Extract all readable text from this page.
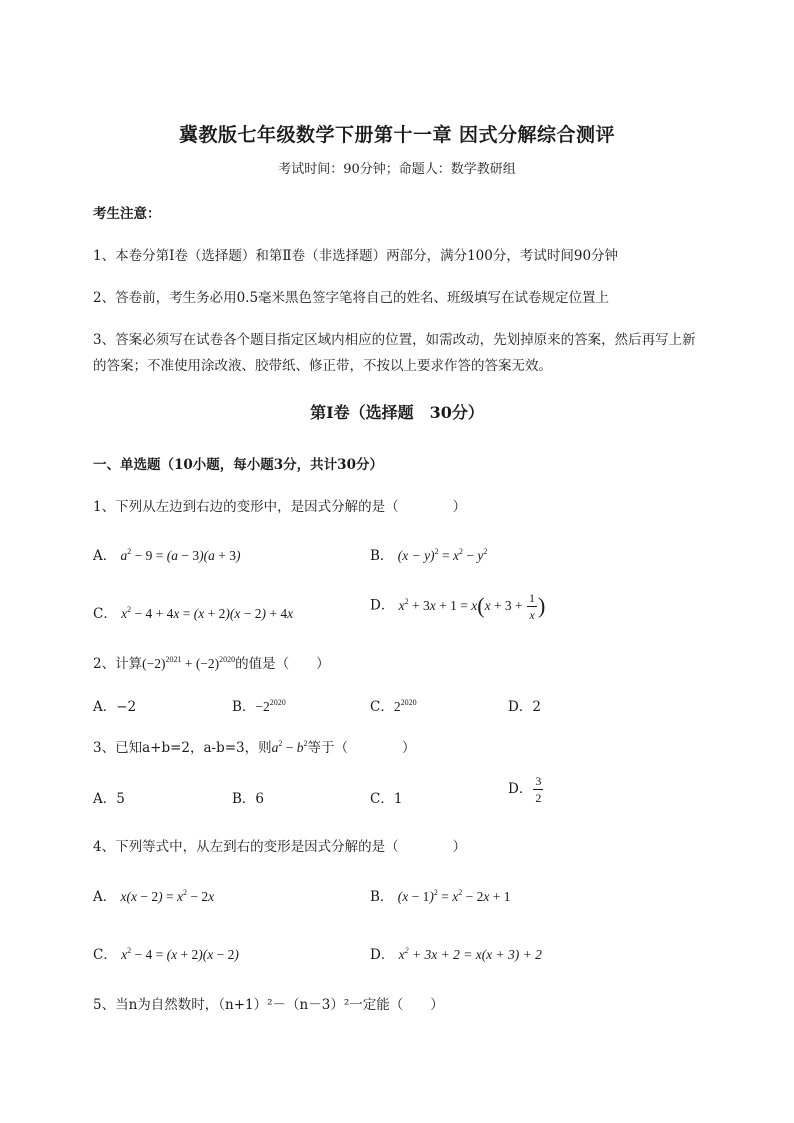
冀教版七年级数学下册第十一章 因式分解综合测评
考试时间：90分钟；命题人：数学教研组
考生注意：
1、本卷分第I卷（选择题）和第Ⅱ卷（非选择题）两部分，满分100分，考试时间90分钟
2、答卷前，考生务必用0.5毫米黑色签字笔将自己的姓名、班级填写在试卷规定位置上
3、答案必须写在试卷各个题目指定区域内相应的位置，如需改动，先划掉原来的答案，然后再写上新
的答案；不准使用涂改液、胶带纸、修正带，不按以上要求作答的答案无效。
第I卷（选择题　30分）
一、单选题（10小题，每小题3分，共计30分）
1、下列从左边到右边的变形中，是因式分解的是（　　　　）
A． $a^2 - 9 = (a - 3)(a + 3)$	B． $(x - y)^2 = x^2 - y^2$
C． $x^2 - 4 + 4x = (x + 2)(x - 2) + 4x$	D． $x^2 + 3x + 1 = x(x + 3 + \frac{1}{x}$ )
2、计算$(-2)^{2021} + (-2)^{2020}$的值是（　　）
A．−2	B．$-2^{2020}$	C．$2^{2020}$	D．2
3、已知a+b=2，a-b=3，则$a^2 - b^2$等于（　　　　）
A．5	B．6	C．1
D． $\frac{3}{2}$
4、下列等式中，从左到右的变形是因式分解的是（　　　　）
A． $x(x - 2) = x^2 - 2x$	B． $(x - 1)^2 = x^2 - 2x + 1$
C． $x^2 - 4 = (x + 2)(x - 2)$	D． $x^2 + 3x + 2 = x(x + 3) + 2$
5、当n为自然数时，（n+1）²－（n－3）²一定能（　　）
